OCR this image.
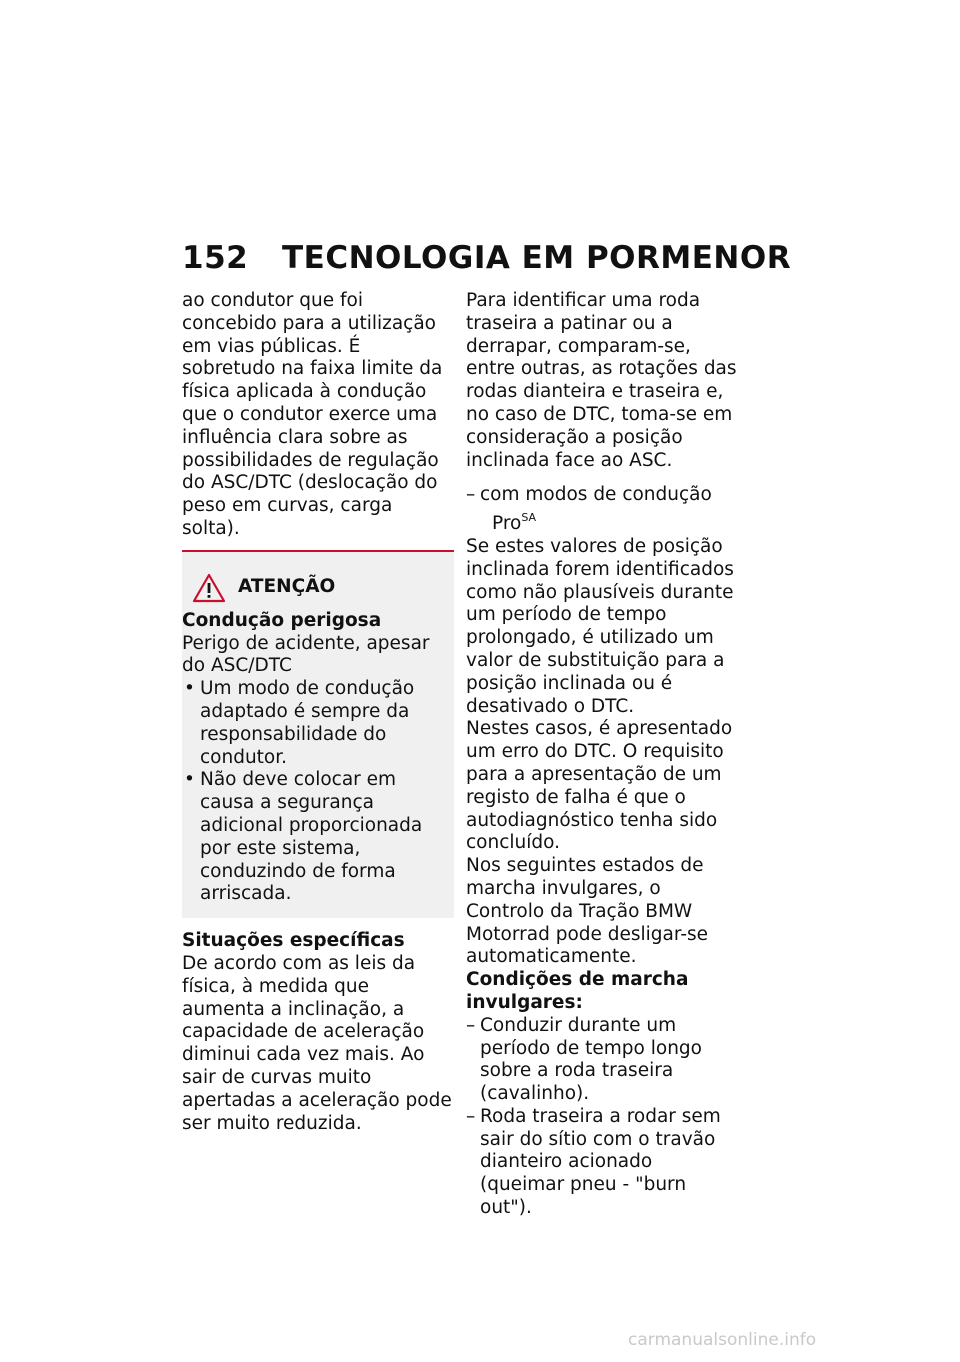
152 TECNOLOGIA EM PORMENOR

ao condutor que foi concebido para a utilização em vias públicas. É sobretudo na faixa limite da física aplicada à condução que o condutor exerce uma influência clara sobre as possibilidades de regulação do ASC/DTC (deslocação do peso em curvas, carga solta).

ATENÇÃO

Condução perigosa

Perigo de acidente, apesar do ASC/DTC

• Um modo de condução adaptado é sempre da responsabilidade do condutor.
• Não deve colocar em causa a segurança adicional proporcionada por este sistema, conduzindo de forma arriscada.

Situações específicas

De acordo com as leis da física, à medida que aumenta a inclinação, a capacidade de aceleração diminui cada vez mais. Ao sair de curvas muito apertadas a aceleração pode ser muito reduzida.

Para identificar uma roda traseira a patinar ou a derrapar, comparam-se, entre outras, as rotações das rodas dianteira e traseira e, no caso de DTC, toma-se em consideração a posição inclinada face ao ASC.

– com modos de condução
Pro$^{SA}$

Se estes valores de posição inclinada forem identificados como não plausíveis durante um período de tempo prolongado, é utilizado um valor de substituição para a posição inclinada ou é desativado o DTC.

Nestes casos, é apresentado um erro do DTC. O requisito para a apresentação de um registo de falha é que o autodiagnóstico tenha sido concluído.

Nos seguintes estados de marcha invulgares, o Controlo da Tração BMW Motorrad pode desligar-se automaticamente.

Condições de marcha invulgares:

– Conduzir durante um período de tempo longo sobre a roda traseira (cavalinho).
– Roda traseira a rodar sem sair do sítio com o travão dianteiro acionado (queimar pneu - "burn out").
carmanualsonline.info
